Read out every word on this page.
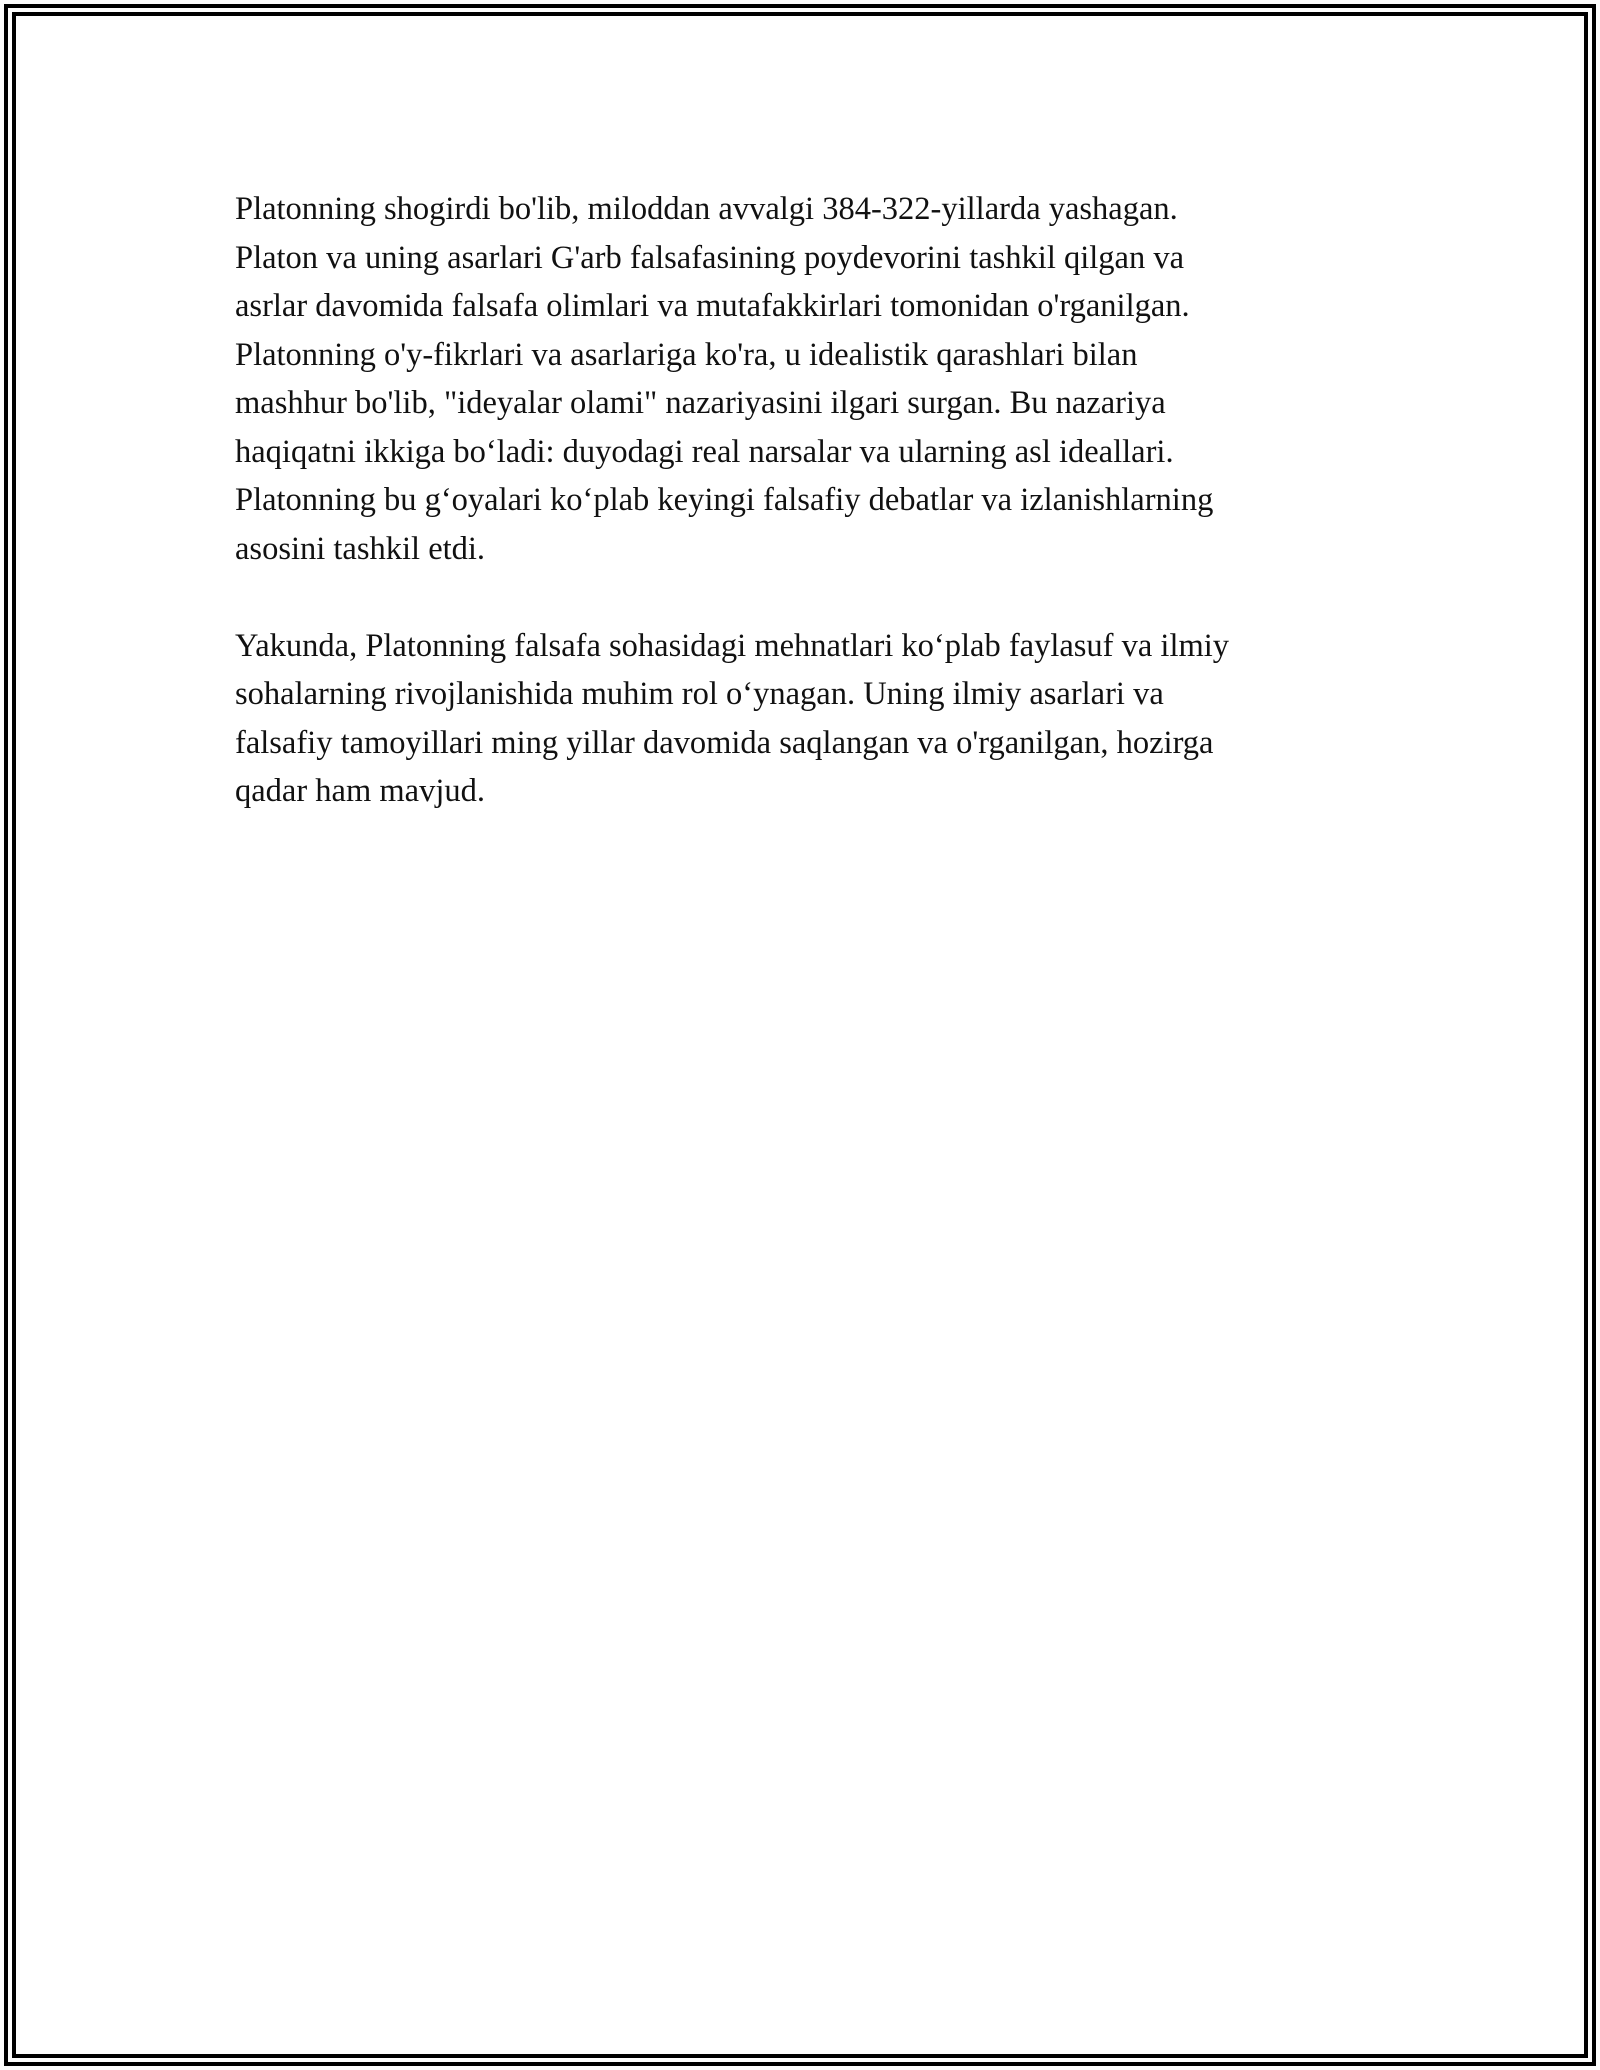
Platonning shogirdi bo'lib, miloddan avvalgi 384-322-yillarda yashagan.
Platon va uning asarlari G'arb falsafasining poydevorini tashkil qilgan va
asrlar davomida falsafa olimlari va mutafakkirlari tomonidan o'rganilgan.
Platonning o'y-fikrlari va asarlariga ko'ra, u idealistik qarashlari bilan
mashhur bo'lib, "ideyalar olami" nazariyasini ilgari surgan. Bu nazariya
haqiqatni ikkiga boʻladi: duyodagi real narsalar va ularning asl ideallari.
Platonning bu gʻoyalari koʻplab keyingi falsafiy debatlar va izlanishlarning
asosini tashkil etdi.

Yakunda, Platonning falsafa sohasidagi mehnatlari koʻplab faylasuf va ilmiy
sohalarning rivojlanishida muhim rol oʻynagan. Uning ilmiy asarlari va
falsafiy tamoyillari ming yillar davomida saqlangan va o'rganilgan, hozirga
qadar ham mavjud.
